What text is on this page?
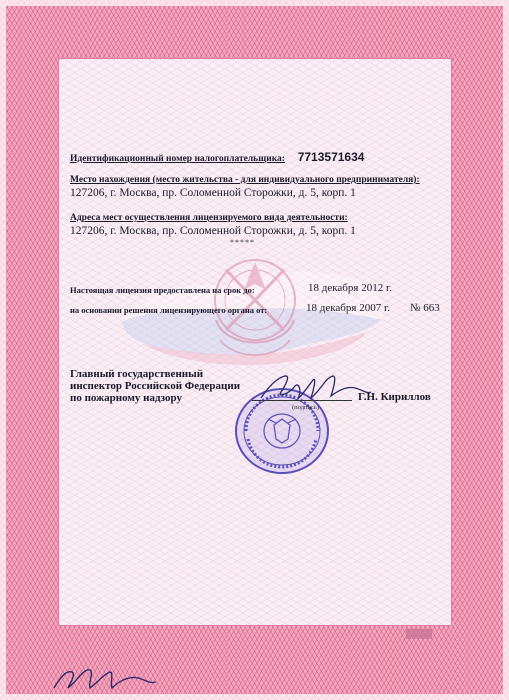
Идентификационный номер налогоплательщика: 7713571634
Место нахождения (место жительства - для индивидуального предпринимателя):
127206, г. Москва, пр. Соломенной Сторожки, д. 5, корп. 1
Адреса мест осуществления лицензируемого вида деятельности:
127206, г. Москва, пр. Соломенной Сторожки, д. 5, корп. 1
*****
Настоящая лицензия предоставлена на срок до:	18 декабря 2012 г.
на основании решения лицензирующего органа от:	18 декабря 2007 г. № 663
Главный государственный
инспектор Российской Федерации
по пожарному надзору
(подпись)
Г.Н. Кириллов
▓▓▓▓
